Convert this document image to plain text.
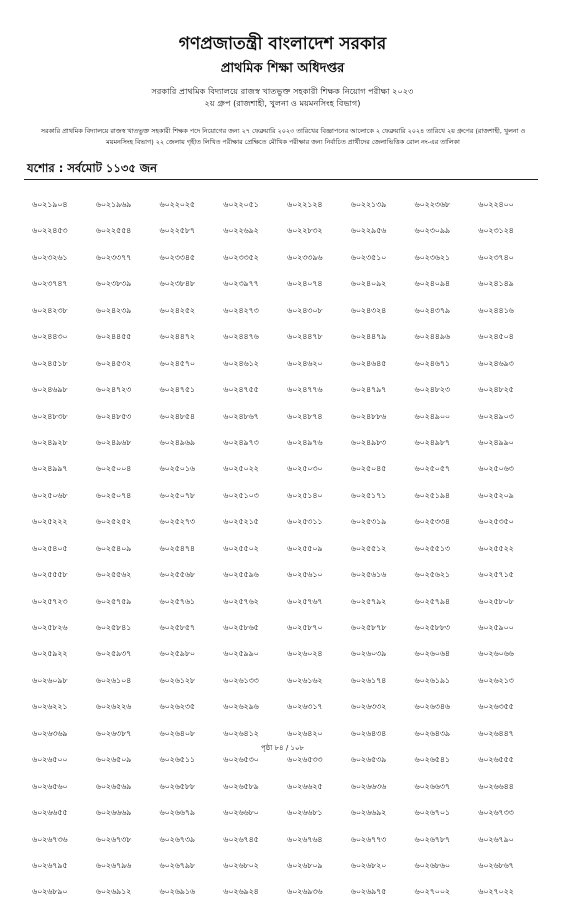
গণপ্রজাতন্ত্রী বাংলাদেশ সরকার
প্রাথমিক শিক্ষা অধিদপ্তর
সরকারি প্রাথমিক বিদ্যালয়ে রাজস্ব খাতভুক্ত সহকারী শিক্ষক নিয়োগ পরীক্ষা ২০২৩
২য় গ্রুপ (রাজশাহী, খুলনা ও ময়মনসিংহ বিভাগ)
সরকারি প্রাথমিক বিদ্যালয়ে রাজস্ব খাতভুক্ত সহকারী শিক্ষক পদে নিয়োগের জন্য ২৭ ফেব্রুয়ারি ২০২৩ তারিখের বিজ্ঞাপনের আলোকে ২ ফেব্রুয়ারি ২০২৪ তারিখে ২য় গ্রুপের (রাজশাহী, খুলনা ও ময়মনসিংহ বিভাগ) ২২ জেলায় গৃহীত লিখিত পরীক্ষার প্রেক্ষিতে মৌখিক পরীক্ষার জন্য নির্বাচিত প্রার্থীদের জেলাভিত্তিক রোল নং-এর তালিকা
যশোর : সর্বমোট ১১৩৫ জন
৬০২১৯০৪	৬০২১৯৬৯	৬০২২০২৫	৬০২২০৫১	৬০২২১২৪	৬০২২১৩৯	৬০২২৩৬৮	৬০২২৪০০
৬০২২৪৫৩	৬০২২৫৫৪	৬০২২৫৮৭	৬০২২৬৯২	৬০২২৮৩২	৬০২২৯৫৬	৬০২৩০৯৯	৬০২৩১২৪
৬০২৩২৬১	৬০২৩৩৭৭	৬০২৩৩৪৫	৬০২৩৩৫২	৬০২৩৩৯৬	৬০২৩৫১০	৬০২৩৬২১	৬০২৩৭৪০
৬০২৩৭৪৭	৬০২৩৮৩৯	৬০২৩৮৪৮	৬০২৩৯৭৭	৬০২৪০৭৪	৬০২৪০৯২	৬০২৪০৯৪	৬০২৪১৪৯
৬০২৪২৩৮	৬০২৪২৩৯	৬০২৪২৫২	৬০২৪২৭৩	৬০২৪৩০৮	৬০২৪৩২৪	৬০২৪৩৭৯	৬০২৪৪১৬
৬০২৪৪৩০	৬০২৪৪৫৫	৬০২৪৪৭২	৬০২৪৪৭৬	৬০২৪৪৭৮	৬০২৪৪৭৯	৬০২৪৪৯৬	৬০২৪৫০৪
৬০২৪৫১৮	৬০২৪৫৩২	৬০২৪৫৭০	৬০২৪৬১২	৬০২৪৬২০	৬০২৪৬৪৫	৬০২৪৬৭১	৬০২৪৬৯৩
৬০২৪৬৯৮	৬০২৪৭২৩	৬০২৪৭৫১	৬০২৪৭৫৫	৬০২৪৭৭৬	৬০২৪৭৯৭	৬০২৪৮২৩	৬০২৪৮২৫
৬০২৪৮৩৮	৬০২৪৮৫৩	৬০২৪৮৫৪	৬০২৪৮৬৭	৬০২৪৮৭৪	৬০২৪৮৮৬	৬০২৪৯০০	৬০২৪৯০৩
৬০২৪৯২৮	৬০২৪৯৬৮	৬০২৪৯৬৯	৬০২৪৯৭৩	৬০২৪৯৭৬	৬০২৪৯৮৩	৬০২৪৯৮৭	৬০২৪৯৯০
৬০২৪৯৯৭	৬০২৫০০৪	৬০২৫০১৬	৬০২৫০২২	৬০২৫০৩০	৬০২৫০৪৫	৬০২৫০৫৭	৬০২৫০৬৩
৬০২৫০৬৮	৬০২৫০৭৪	৬০২৫০৭৮	৬০২৫১০৩	৬০২৫১৪০	৬০২৫১৭১	৬০২৫১৯৪	৬০২৫২০৯
৬০২৫২২২	৬০২৫২৫২	৬০২৫২৭৩	৬০২৫২১৫	৬০২৫৩১১	৬০২৫৩১৯	৬০২৫৩৩৪	৬০২৫৩৫০
৬০২৫৪০৫	৬০২৫৪০৯	৬০২৫৪৭৪	৬০২৫৫০২	৬০২৫৫০৯	৬০২৫৫১২	৬০২৫৫১৩	৬০২৫৫২২
৬০২৫৫৫৮	৬০২৫৫৬২	৬০২৫৫৬৮	৬০২৫৫৯৬	৬০২৫৬১০	৬০২৫৬১৬	৬০২৫৬২১	৬০২৫৭১৫
৬০২৫৭২৩	৬০২৫৭৫৯	৬০২৫৭৬১	৬০২৫৭৬২	৬০২৫৭৬৭	৬০২৫৭৯২	৬০২৫৭৯৪	৬০২৫৮০৮
৬০২৫৮২৬	৬০২৫৮৪১	৬০২৫৮৫৭	৬০২৫৮৬৫	৬০২৫৮৭০	৬০২৫৮৭৮	৬০২৫৮৮৩	৬০২৫৯০০
৬০২৫৯২২	৬০২৫৯৩৭	৬০২৫৯৮০	৬০২৫৯৯০	৬০২৬০২৪	৬০২৬০৩৯	৬০২৬০৬৪	৬০২৬০৬৬
৬০২৬০৯৮	৬০২৬১০৪	৬০২৬১২৮	৬০২৬১৩৩	৬০২৬১৬২	৬০২৬১৭৪	৬০২৬১৯১	৬০২৬২১৩
৬০২৬২২১	৬০২৬২২৬	৬০২৬২৩৫	৬০২৬২৯৬	৬০২৬৩১৭	৬০২৬৩৩২	৬০২৬৩৪৬	৬০২৬৩৫৫
৬০২৬৩৬৯	৬০২৬৩৮৭	৬০২৬৪০৮	৬০২৬৪১২	৬০২৬৪২০	৬০২৬৪৩৪	৬০২৬৪৩৯	৬০২৬৪৪৭
৬০২৬৫০০	৬০২৬৫০৯	৬০২৬৫১১	৬০২৬৫৩০	৬০২৬৫৩৩	৬০২৬৫৩৯	৬০২৬৫৪১	৬০২৬৫৫৫
৬০২৬৫৬০	৬০২৬৫৬৯	৬০২৬৫৮৮	৬০২৬৫৮৯	৬০২৬৬২৫	৬০২৬৬৩৬	৬০২৬৬৩৭	৬০২৬৬৪৪
৬০২৬৬৫৫	৬০২৬৬৬৯	৬০২৬৬৭৯	৬০২৬৬৮০	৬০২৬৬৮১	৬০২৬৬৯২	৬০২৬৭০১	৬০২৬৭৩৩
৬০২৬৭৩৬	৬০২৬৭৩৮	৬০২৬৭৩৯	৬০২৬৭৪৫	৬০২৬৭৬৪	৬০২৬৭৭৩	৬০২৬৭৮৭	৬০২৬৭৯০
৬০২৬৭৯৫	৬০২৬৭৯৬	৬০২৬৭৯৮	৬০২৬৮০২	৬০২৬৮০৯	৬০২৬৮২০	৬০২৬৮৬০	৬০২৬৮৬৭
৬০২৬৮৯০	৬০২৬৯১২	৬০২৬৯১৬	৬০২৬৯২৪	৬০২৬৯৩৬	৬০২৬৯৭৫	৬০২৭০০২	৬০২৭০২২
পৃষ্ঠা ৮৪ / ১০৮
